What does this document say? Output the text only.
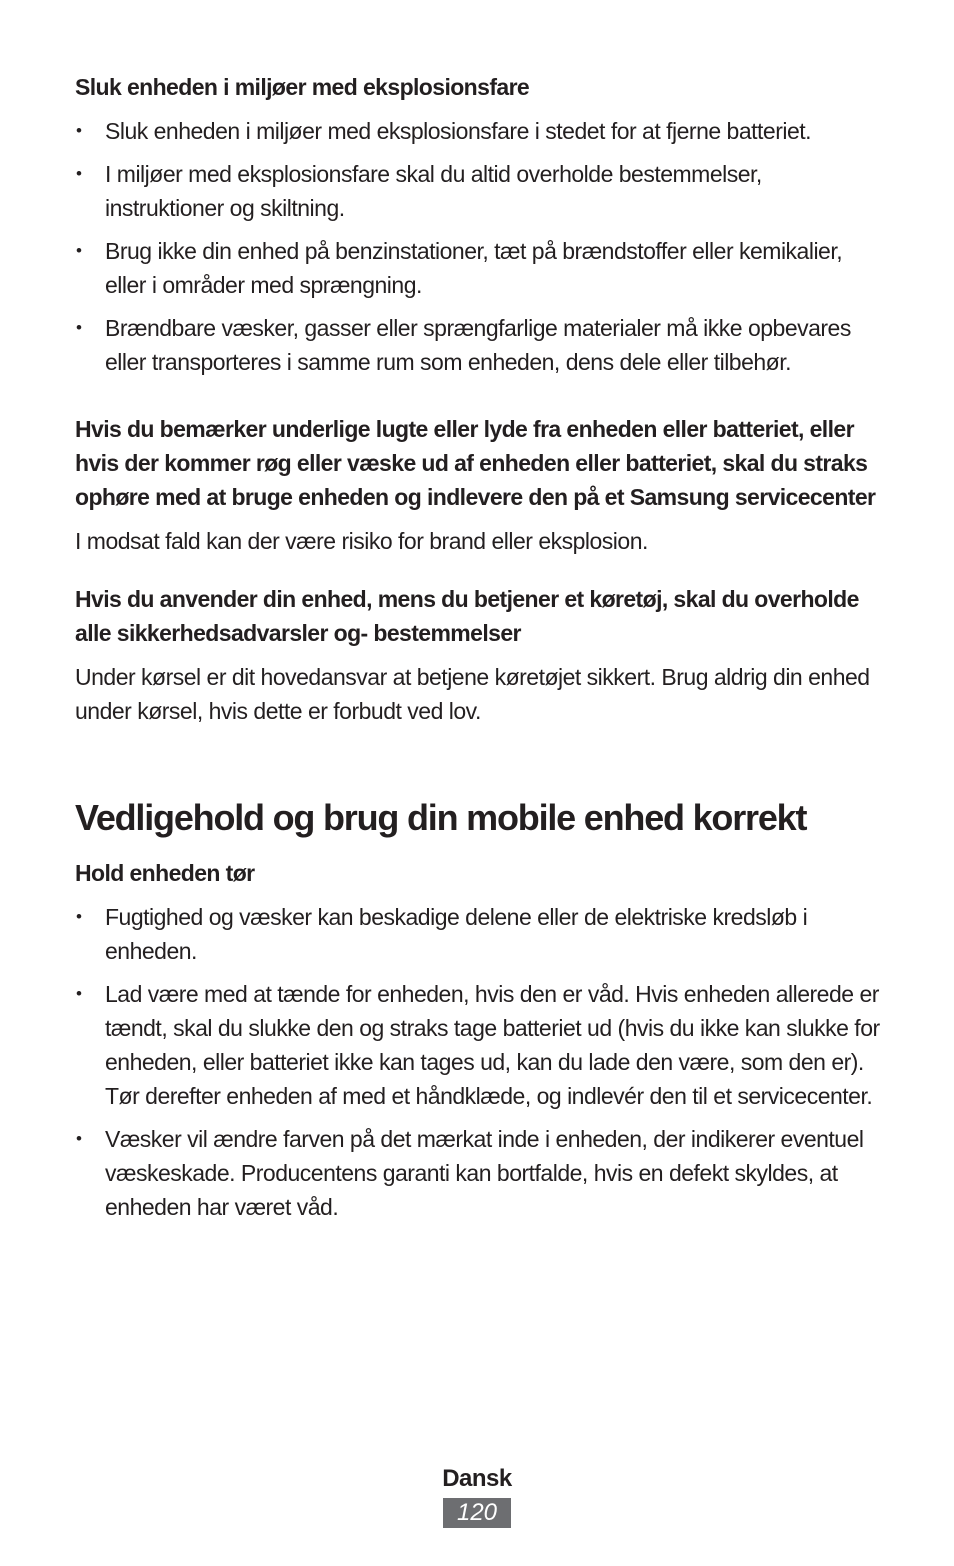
Sluk enheden i miljøer med eksplosionsfare
• Sluk enheden i miljøer med eksplosionsfare i stedet for at fjerne batteriet.
• I miljøer med eksplosionsfare skal du altid overholde bestemmelser, instruktioner og skiltning.
• Brug ikke din enhed på benzinstationer, tæt på brændstoffer eller kemikalier, eller i områder med sprængning.
• Brændbare væsker, gasser eller sprængfarlige materialer må ikke opbevares eller transporteres i samme rum som enheden, dens dele eller tilbehør.
Hvis du bemærker underlige lugte eller lyde fra enheden eller batteriet, eller hvis der kommer røg eller væske ud af enheden eller batteriet, skal du straks ophøre med at bruge enheden og indlevere den på et Samsung servicecenter

I modsat fald kan der være risiko for brand eller eksplosion.

Hvis du anvender din enhed, mens du betjener et køretøj, skal du overholde alle sikkerhedsadvarsler og- bestemmelser

Under kørsel er dit hovedansvar at betjene køretøjet sikkert. Brug aldrig din enhed under kørsel, hvis dette er forbudt ved lov.

Vedligehold og brug din mobile enhed korrekt
Hold enheden tør
• Fugtighed og væsker kan beskadige delene eller de elektriske kredsløb i enheden.
• Lad være med at tænde for enheden, hvis den er våd. Hvis enheden allerede er tændt, skal du slukke den og straks tage batteriet ud (hvis du ikke kan slukke for enheden, eller batteriet ikke kan tages ud, kan du lade den være, som den er). Tør derefter enheden af med et håndklæde, og indlevér den til et servicecenter.
• Væsker vil ændre farven på det mærkat inde i enheden, der indikerer eventuel væskeskade. Producentens garanti kan bortfalde, hvis en defekt skyldes, at enheden har været våd.
Dansk
120
